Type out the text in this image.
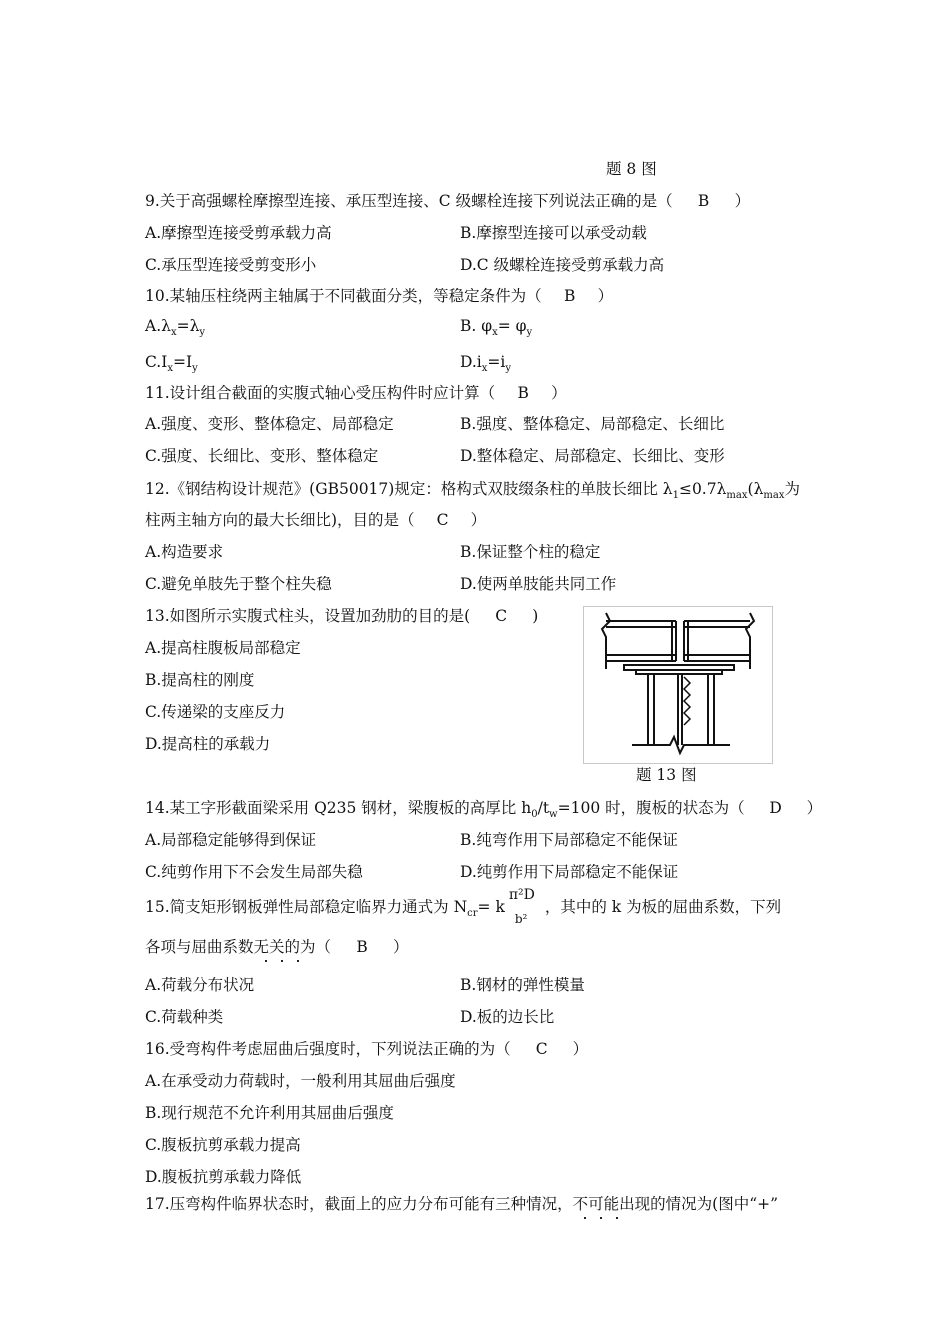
题 8 图
9.关于高强螺栓摩擦型连接、承压型连接、C 级螺栓连接下列说法正确的是（ B ）
A.摩擦型连接受剪承载力高	B.摩擦型连接可以承受动载
C.承压型连接受剪变形小	D.C 级螺栓连接受剪承载力高
10.某轴压柱绕两主轴属于不同截面分类，等稳定条件为（ B ）
$A.\lambda_x=\lambda_y$	B. $\varphi_x= \varphi_y$
$C.I_x=I_y$	$D.i_x=i_y$
11.设计组合截面的实腹式轴心受压构件时应计算（ B ）
A.强度、变形、整体稳定、局部稳定	B.强度、整体稳定、局部稳定、长细比
C.强度、长细比、变形、整体稳定	D.整体稳定、局部稳定、长细比、变形
12.《钢结构设计规范》(GB50017)规定：格构式双肢缀条柱的单肢长细比 $\lambda_1\le 0.7\lambda_{max}(\lambda_{max}$为
柱两主轴方向的最大长细比)，目的是（ C ）
A.构造要求	B.保证整个柱的稳定
C.避免单肢先于整个柱失稳	D.使两单肢能共同工作
13.如图所示实腹式柱头，设置加劲肋的目的是( C )
A.提高柱腹板局部稳定
B.提高柱的刚度
C.传递梁的支座反力
D.提高柱的承载力
题 13 图
14.某工字形截面梁采用 Q235 钢材，梁腹板的高厚比 $h_0/t_w=100$ 时，腹板的状态为（ D ）
A.局部稳定能够得到保证	B.纯弯作用下局部稳定不能保证
C.纯剪作用下不会发生局部失稳	D.纯剪作用下局部稳定不能保证
15.简支矩形钢板弹性局部稳定临界力通式为 $N_{cr}= k$
π²D
b²
，其中的 k 为板的屈曲系数，下列
各项与屈曲系数无关的为（ B ）
A.荷载分布状况	B.钢材的弹性模量
C.荷载种类	D.板的边长比
16.受弯构件考虑屈曲后强度时，下列说法正确的为（ C ）
A.在承受动力荷载时，一般利用其屈曲后强度
B.现行规范不允许利用其屈曲后强度
C.腹板抗剪承载力提高
D.腹板抗剪承载力降低
17.压弯构件临界状态时，截面上的应力分布可能有三种情况，不可能出现的情况为(图中“+”
